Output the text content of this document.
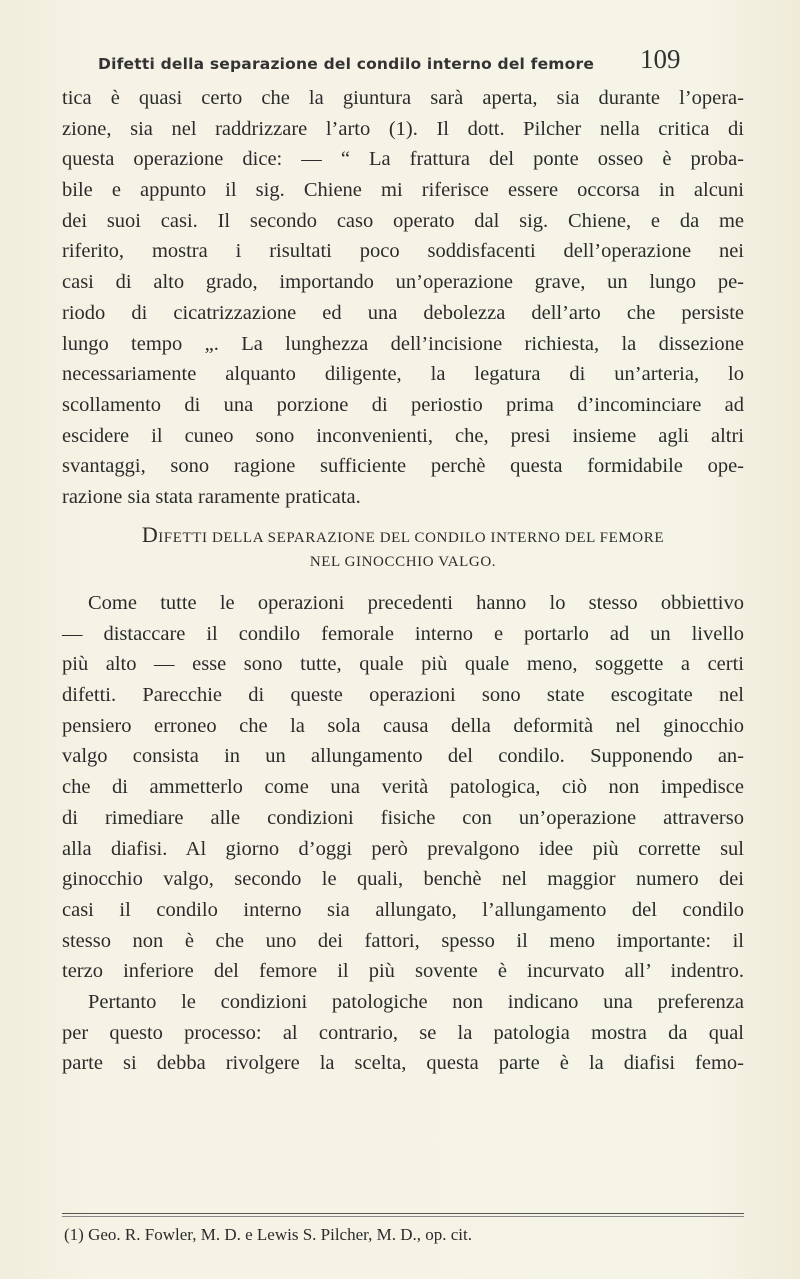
Difetti della separazione del condilo interno del femore	109
tica è quasi certo che la giuntura sarà aperta, sia durante l’opera-
zione, sia nel raddrizzare l’arto (1). Il dott. Pilcher nella critica di
questa operazione dice: — “ La frattura del ponte osseo è proba-
bile e appunto il sig. Chiene mi riferisce essere occorsa in alcuni
dei suoi casi. Il secondo caso operato dal sig. Chiene, e da me
riferito, mostra i risultati poco soddisfacenti dell’operazione nei
casi di alto grado, importando un’operazione grave, un lungo pe-
riodo di cicatrizzazione ed una debolezza dell’arto che persiste
lungo tempo „. La lunghezza dell’incisione richiesta, la dissezione
necessariamente alquanto diligente, la legatura di un’arteria, lo
scollamento di una porzione di periostio prima d’incominciare ad
escidere il cuneo sono inconvenienti, che, presi insieme agli altri
svantaggi, sono ragione sufficiente perchè questa formidabile ope-
razione sia stata raramente praticata.
DIFETTI DELLA SEPARAZIONE DEL CONDILO INTERNO DEL FEMORE
NEL GINOCCHIO VALGO.
Come tutte le operazioni precedenti hanno lo stesso obbiettivo
— distaccare il condilo femorale interno e portarlo ad un livello
più alto — esse sono tutte, quale più quale meno, soggette a certi
difetti. Parecchie di queste operazioni sono state escogitate nel
pensiero erroneo che la sola causa della deformità nel ginocchio
valgo consista in un allungamento del condilo. Supponendo an-
che di ammetterlo come una verità patologica, ciò non impedisce
di rimediare alle condizioni fisiche con un’operazione attraverso
alla diafisi. Al giorno d’oggi però prevalgono idee più corrette sul
ginocchio valgo, secondo le quali, benchè nel maggior numero dei
casi il condilo interno sia allungato, l’allungamento del condilo
stesso non è che uno dei fattori, spesso il meno importante: il
terzo inferiore del femore il più sovente è incurvato all’ indentro.
Pertanto le condizioni patologiche non indicano una preferenza
per questo processo: al contrario, se la patologia mostra da qual
parte si debba rivolgere la scelta, questa parte è la diafisi femo-
(1) Geo. R. Fowler, M. D. e Lewis S. Pilcher, M. D., op. cit.
